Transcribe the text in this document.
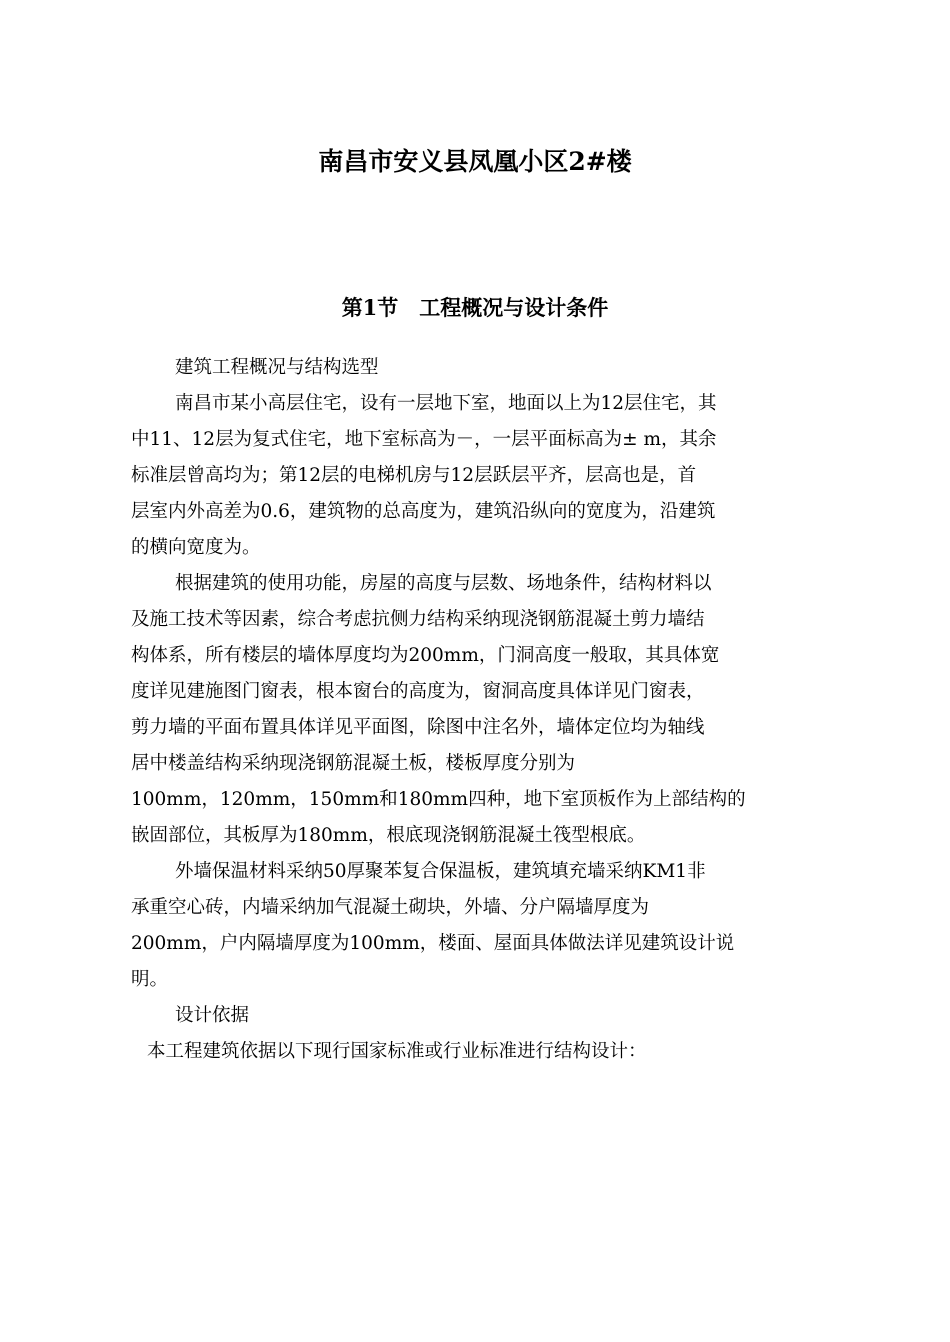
南昌市安义县凤凰小区2#楼
第1节　工程概况与设计条件
建筑工程概况与结构选型
南昌市某小高层住宅，设有一层地下室，地面以上为12层住宅，其
中11、12层为复式住宅，地下室标高为－，一层平面标高为± m，其余
标准层曾高均为；第12层的电梯机房与12层跃层平齐，层高也是，首
层室内外高差为0.6，建筑物的总高度为，建筑沿纵向的宽度为，沿建筑
的横向宽度为。
根据建筑的使用功能，房屋的高度与层数、场地条件，结构材料以
及施工技术等因素，综合考虑抗侧力结构采纳现浇钢筋混凝土剪力墙结
构体系，所有楼层的墙体厚度均为200mm，门洞高度一般取，其具体宽
度详见建施图门窗表，根本窗台的高度为，窗洞高度具体详见门窗表，
剪力墙的平面布置具体详见平面图，除图中注名外，墙体定位均为轴线
居中楼盖结构采纳现浇钢筋混凝土板，楼板厚度分别为
100mm，120mm，150mm和180mm四种，地下室顶板作为上部结构的
嵌固部位，其板厚为180mm，根底现浇钢筋混凝土筏型根底。
外墙保温材料采纳50厚聚苯复合保温板，建筑填充墙采纳KM1非
承重空心砖，内墙采纳加气混凝土砌块，外墙、分户隔墙厚度为
200mm，户内隔墙厚度为100mm，楼面、屋面具体做法详见建筑设计说
明。
设计依据
本工程建筑依据以下现行国家标准或行业标准进行结构设计：
